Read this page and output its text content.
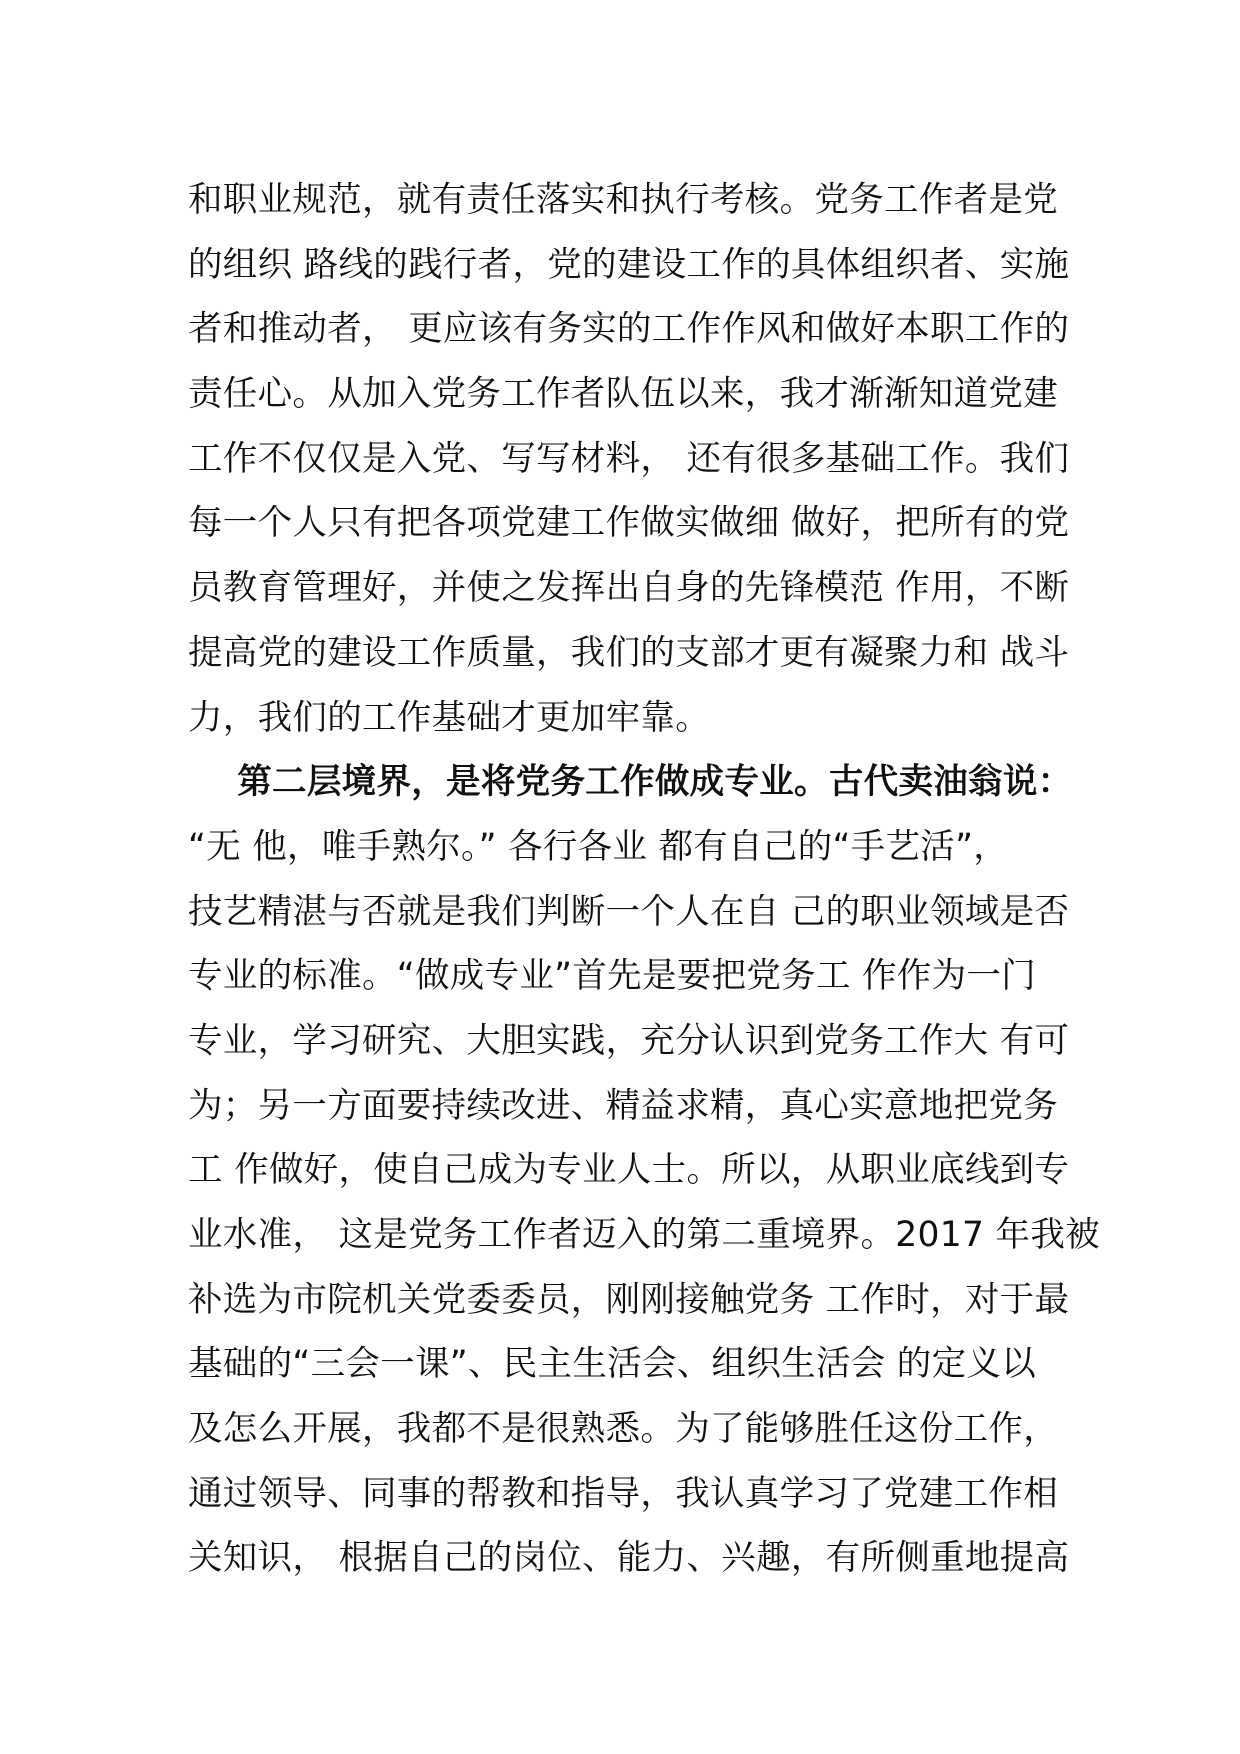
和职业规范，就有责任落实和执行考核。党务工作者是党
的组织 路线的践行者，党的建设工作的具体组织者、实施
者和推动者， 更应该有务实的工作作风和做好本职工作的
责任心。从加入党务工作者队伍以来，我才渐渐知道党建
工作不仅仅是入党、写写材料， 还有很多基础工作。我们
每一个人只有把各项党建工作做实做细 做好，把所有的党
员教育管理好，并使之发挥出自身的先锋模范 作用，不断
提高党的建设工作质量，我们的支部才更有凝聚力和 战斗
力，我们的工作基础才更加牢靠。
第二层境界，是将党务工作做成专业。古代卖油翁说：
“无 他，唯手熟尔。” 各行各业 都有自己的“手艺活”，
技艺精湛与否就是我们判断一个人在自 己的职业领域是否
专业的标准。“做成专业”首先是要把党务工 作作为一门
专业，学习研究、大胆实践，充分认识到党务工作大 有可
为；另一方面要持续改进、精益求精，真心实意地把党务
工 作做好，使自己成为专业人士。所以，从职业底线到专
业水准， 这是党务工作者迈入的第二重境界。2017 年我被
补选为市院机关党委委员，刚刚接触党务 工作时，对于最
基础的“三会一课”、民主生活会、组织生活会 的定义以
及怎么开展，我都不是很熟悉。为了能够胜任这份工作，
通过领导、同事的帮教和指导，我认真学习了党建工作相
关知识， 根据自己的岗位、能力、兴趣，有所侧重地提高
